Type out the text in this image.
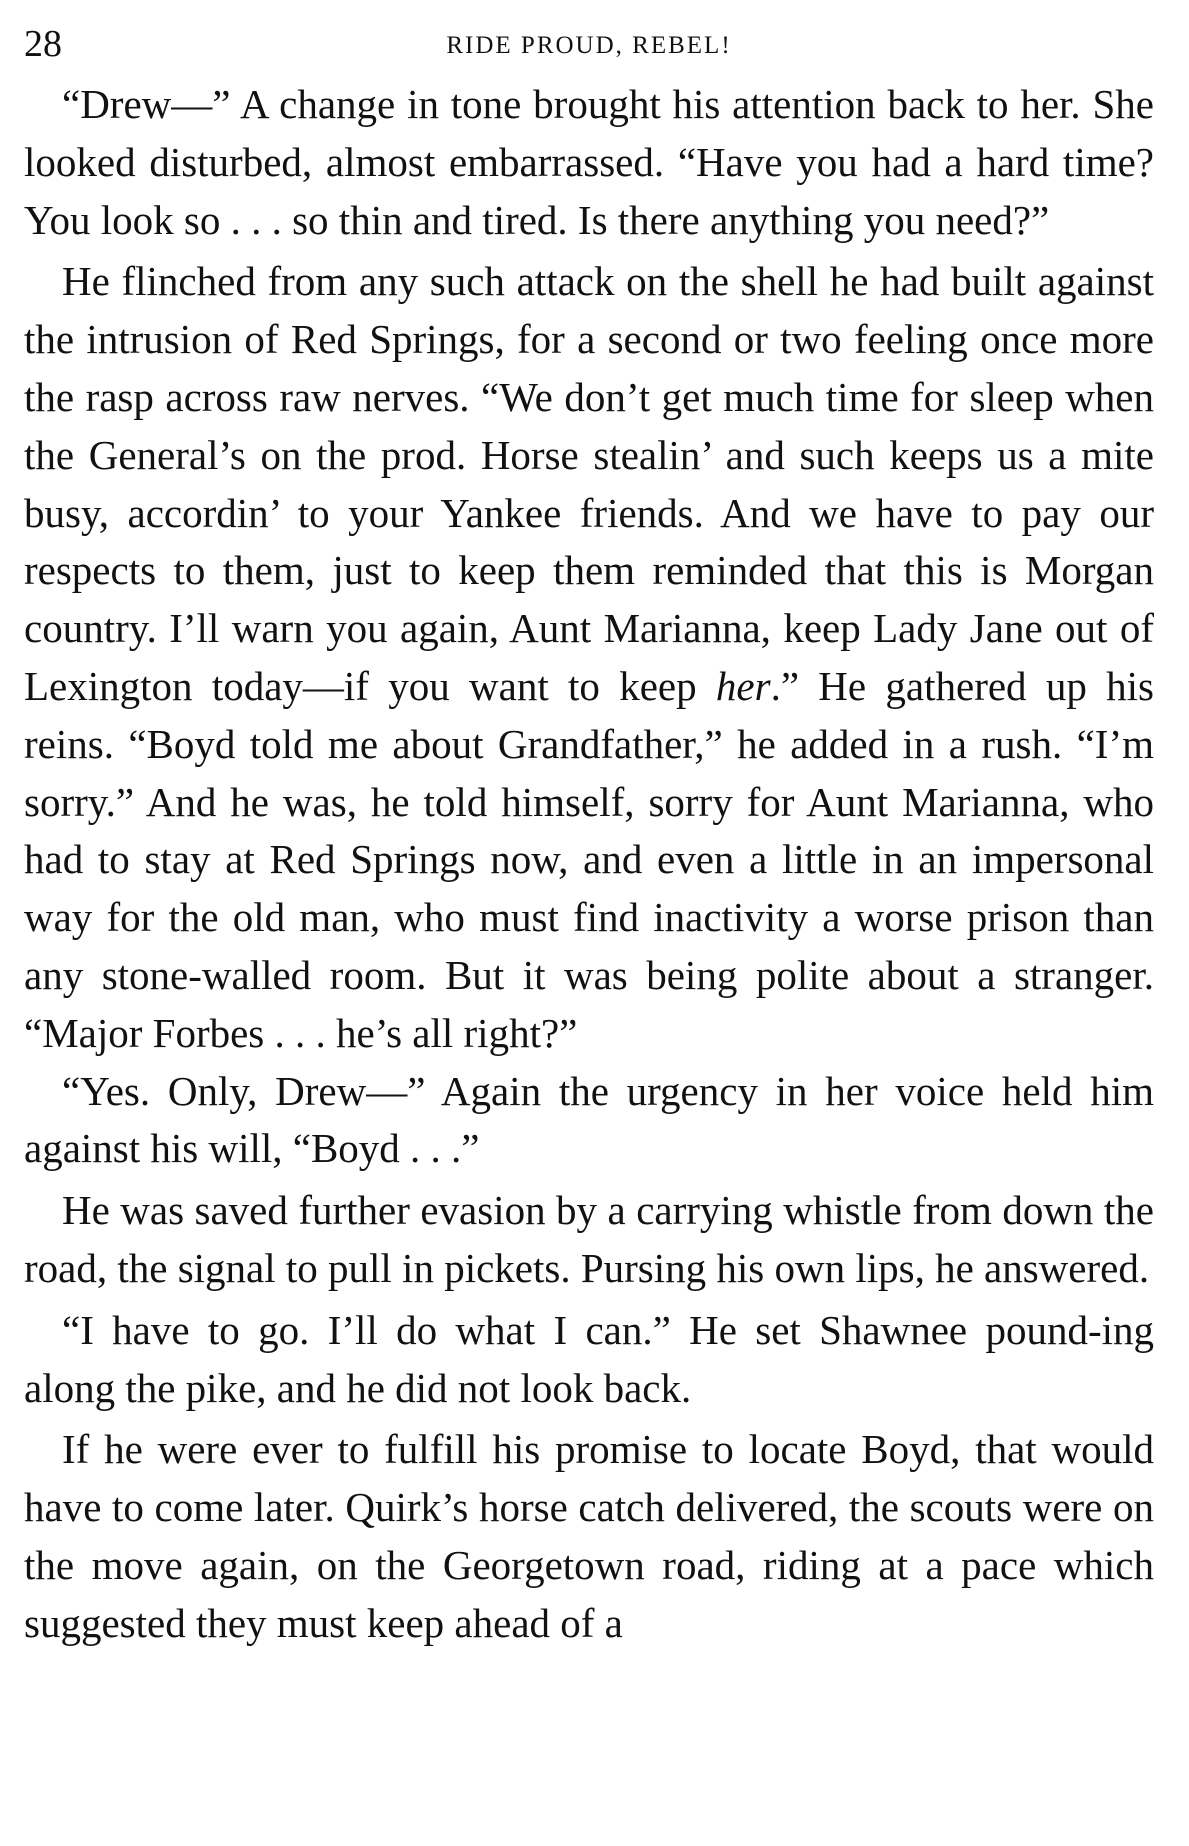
28	RIDE PROUD, REBEL!

“Drew—” A change in tone brought his attention back to her. She looked disturbed, almost embarrassed. “Have you had a hard time? You look so . . . so thin and tired. Is there anything you need?”

He flinched from any such attack on the shell he had built against the intrusion of Red Springs, for a second or two feeling once more the rasp across raw nerves. “We don’t get much time for sleep when the General’s on the prod. Horse stealin’ and such keeps us a mite busy, accordin’ to your Yankee friends. And we have to pay our respects to them, just to keep them reminded that this is Morgan country. I’ll warn you again, Aunt Marianna, keep Lady Jane out of Lexington today—if you want to keep her.” He gathered up his reins. “Boyd told me about Grandfather,” he added in a rush. “I’m sorry.” And he was, he told himself, sorry for Aunt Marianna, who had to stay at Red Springs now, and even a little in an impersonal way for the old man, who must find inactivity a worse prison than any stone-walled room. But it was being polite about a stranger. “Major Forbes . . . he’s all right?”

“Yes. Only, Drew—” Again the urgency in her voice held him against his will, “Boyd . . .”

He was saved further evasion by a carrying whistle from down the road, the signal to pull in pickets. Pursing his own lips, he answered.

“I have to go. I’ll do what I can.” He set Shawnee pound-ing along the pike, and he did not look back.

If he were ever to fulfill his promise to locate Boyd, that would have to come later. Quirk’s horse catch delivered, the scouts were on the move again, on the Georgetown road, riding at a pace which suggested they must keep ahead of a
